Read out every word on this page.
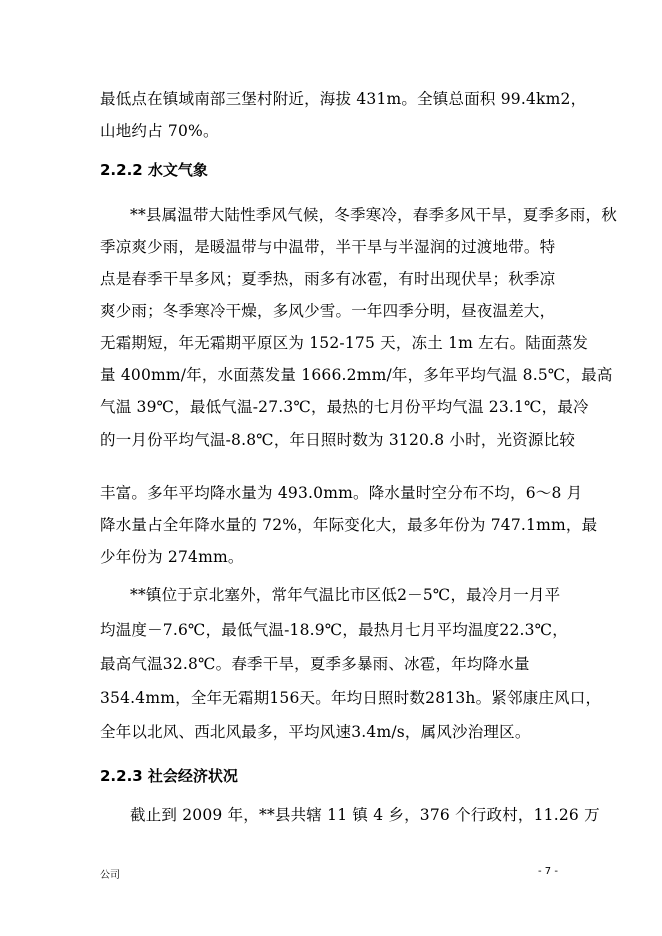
最低点在镇域南部三堡村附近，海拔 431m。全镇总面积 99.4km2，
山地约占 70%。
2.2.2 水文气象
**县属温带大陆性季风气候，冬季寒冷，春季多风干旱，夏季多雨，秋
季凉爽少雨，是暖温带与中温带，半干旱与半湿润的过渡地带。特
点是春季干旱多风；夏季热，雨多有冰雹，有时出现伏旱；秋季凉
爽少雨；冬季寒冷干燥，多风少雪。一年四季分明，昼夜温差大，
无霜期短，年无霜期平原区为 152-175 天，冻土 1m 左右。陆面蒸发
量 400mm/年，水面蒸发量 1666.2mm/年，多年平均气温 8.5℃，最高
气温 39℃，最低气温-27.3℃，最热的七月份平均气温 23.1℃，最冷
的一月份平均气温-8.8℃，年日照时数为 3120.8 小时，光资源比较
丰富。多年平均降水量为 493.0mm。降水量时空分布不均，6～8 月
降水量占全年降水量的 72%，年际变化大，最多年份为 747.1mm，最
少年份为 274mm。
**镇位于京北塞外，常年气温比市区低2－5℃，最冷月一月平
均温度－7.6℃，最低气温-18.9℃，最热月七月平均温度22.3℃，
最高气温32.8℃。春季干旱，夏季多暴雨、冰雹，年均降水量
354.4mm，全年无霜期156天。年均日照时数2813h。紧邻康庄风口，
全年以北风、西北风最多，平均风速3.4m/s，属风沙治理区。
2.2.3 社会经济状况
截止到 2009 年，**县共辖 11 镇 4 乡，376 个行政村，11.26 万
公司	- 7 -
